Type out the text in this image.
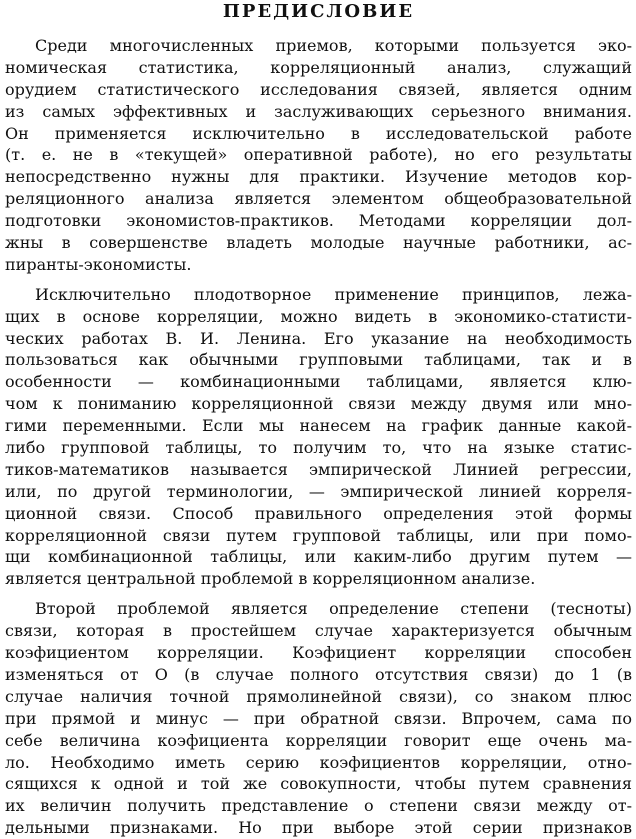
ПРЕДИСЛОВИЕ
Среди многочисленных приемов, которыми пользуется эко-
номическая статистика, корреляционный анализ, служащий
орудием статистического исследования связей, является одним
из самых эффективных и заслуживающих серьезного внимания.
Он применяется исключительно в исследовательской работе
(т. е. не в «текущей» оперативной работе), но его результаты
непосредственно нужны для практики. Изучение методов кор-
реляционного анализа является элементом общеобразовательной
подготовки экономистов-практиков. Методами корреляции дол-
жны в совершенстве владеть молодые научные работники, ас-
пиранты-экономисты.
Исключительно плодотворное применение принципов, лежа-
щих в основе корреляции, можно видеть в экономико-статисти-
ческих работах В. И. Ленина. Его указание на необходимость
пользоваться как обычными групповыми таблицами, так и в
особенности — комбинационными таблицами, является клю-
чом к пониманию корреляционной связи между двумя или мно-
гими переменными. Если мы нанесем на график данные какой-
либо групповой таблицы, то получим то, что на языке статис-
тиков-математиков называется эмпирической Линией регрессии,
или, по другой терминологии, — эмпирической линией корреля-
ционной связи. Способ правильного определения этой формы
корреляционной связи путем групповой таблицы, или при помо-
щи комбинационной таблицы, или каким-либо другим путем —
является центральной проблемой в корреляционном анализе.
Второй проблемой является определение степени (тесноты)
связи, которая в простейшем случае характеризуется обычным
коэфициентом корреляции. Коэфициент корреляции способен
изменяться от О (в случае полного отсутствия связи) до 1 (в
случае наличия точной прямолинейной связи), со знаком плюс
при прямой и минус — при обратной связи. Впрочем, сама по
себе величина коэфициента корреляции говорит еще очень ма-
ло. Необходимо иметь серию коэфициентов корреляции, отно-
сящихся к одной и той же совокупности, чтобы путем сравнения
их величин получить представление о степени связи между от-
дельными признаками. Но при выборе этой серии признаков
